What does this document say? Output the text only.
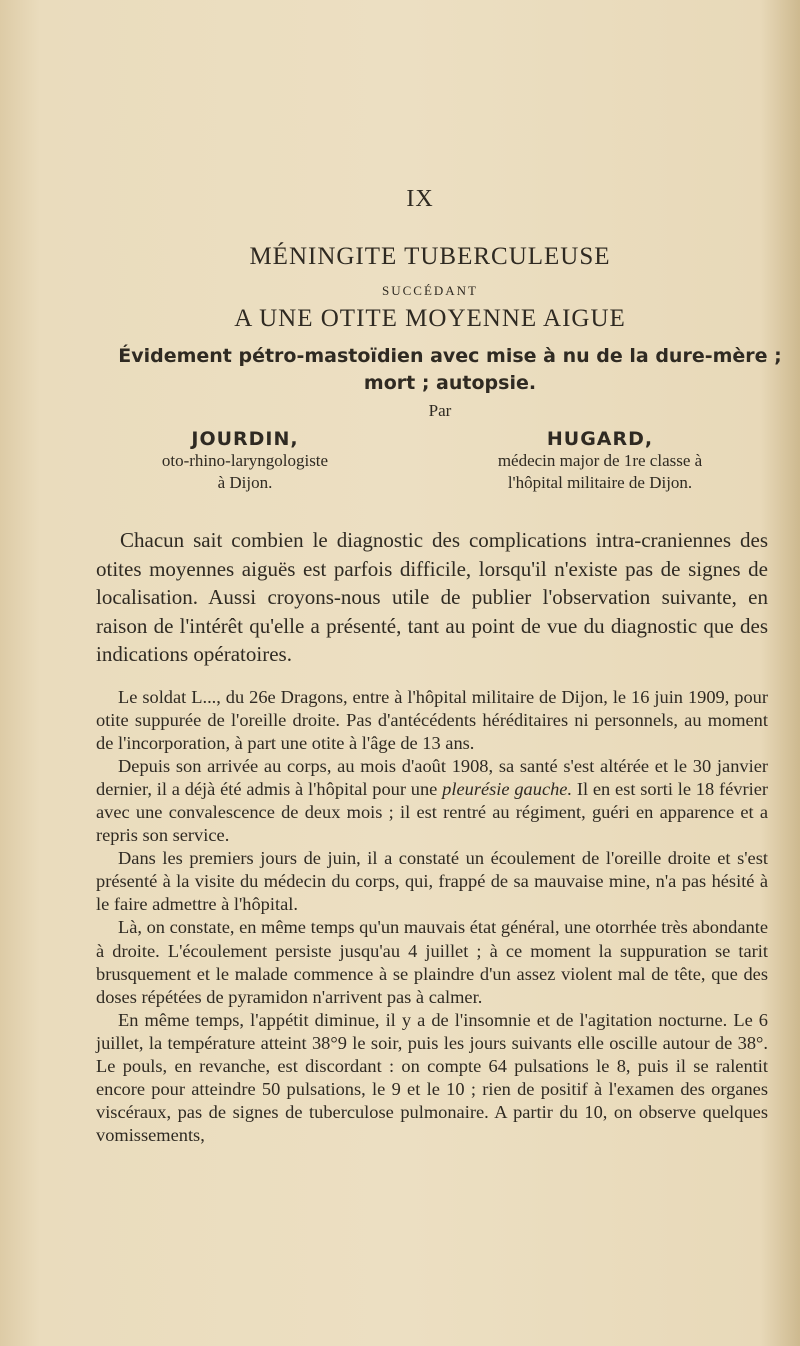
IX
MÉNINGITE TUBERCULEUSE
SUCCÉDANT
A UNE OTITE MOYENNE AIGUE
Évidement pétro-mastoïdien avec mise à nu de la dure-mère ; mort ; autopsie.
Par
JOURDIN,
oto-rhino-laryngologiste
à Dijon.
HUGARD,
médecin major de 1re classe à
l'hôpital militaire de Dijon.

Chacun sait combien le diagnostic des complications intra-craniennes des otites moyennes aiguës est parfois difficile, lorsqu'il n'existe pas de signes de localisation. Aussi croyons-nous utile de publier l'observation suivante, en raison de l'intérêt qu'elle a présenté, tant au point de vue du diagnostic que des indications opératoires.

Le soldat L..., du 26e Dragons, entre à l'hôpital militaire de Dijon, le 16 juin 1909, pour otite suppurée de l'oreille droite. Pas d'antécédents héréditaires ni personnels, au moment de l'incorporation, à part une otite à l'âge de 13 ans.

Depuis son arrivée au corps, au mois d'août 1908, sa santé s'est altérée et le 30 janvier dernier, il a déjà été admis à l'hôpital pour une pleurésie gauche. Il en est sorti le 18 février avec une convalescence de deux mois ; il est rentré au régiment, guéri en apparence et a repris son service.

Dans les premiers jours de juin, il a constaté un écoulement de l'oreille droite et s'est présenté à la visite du médecin du corps, qui, frappé de sa mauvaise mine, n'a pas hésité à le faire admettre à l'hôpital.

Là, on constate, en même temps qu'un mauvais état général, une otorrhée très abondante à droite. L'écoulement persiste jusqu'au 4 juillet ; à ce moment la suppuration se tarit brusquement et le malade commence à se plaindre d'un assez violent mal de tête, que des doses répétées de pyramidon n'arrivent pas à calmer.

En même temps, l'appétit diminue, il y a de l'insomnie et de l'agitation nocturne. Le 6 juillet, la température atteint 38°9 le soir, puis les jours suivants elle oscille autour de 38°. Le pouls, en revanche, est discordant : on compte 64 pulsations le 8, puis il se ralentit encore pour atteindre 50 pulsations, le 9 et le 10 ; rien de positif à l'examen des organes viscéraux, pas de signes de tuberculose pulmonaire. A partir du 10, on observe quelques vomissements,
